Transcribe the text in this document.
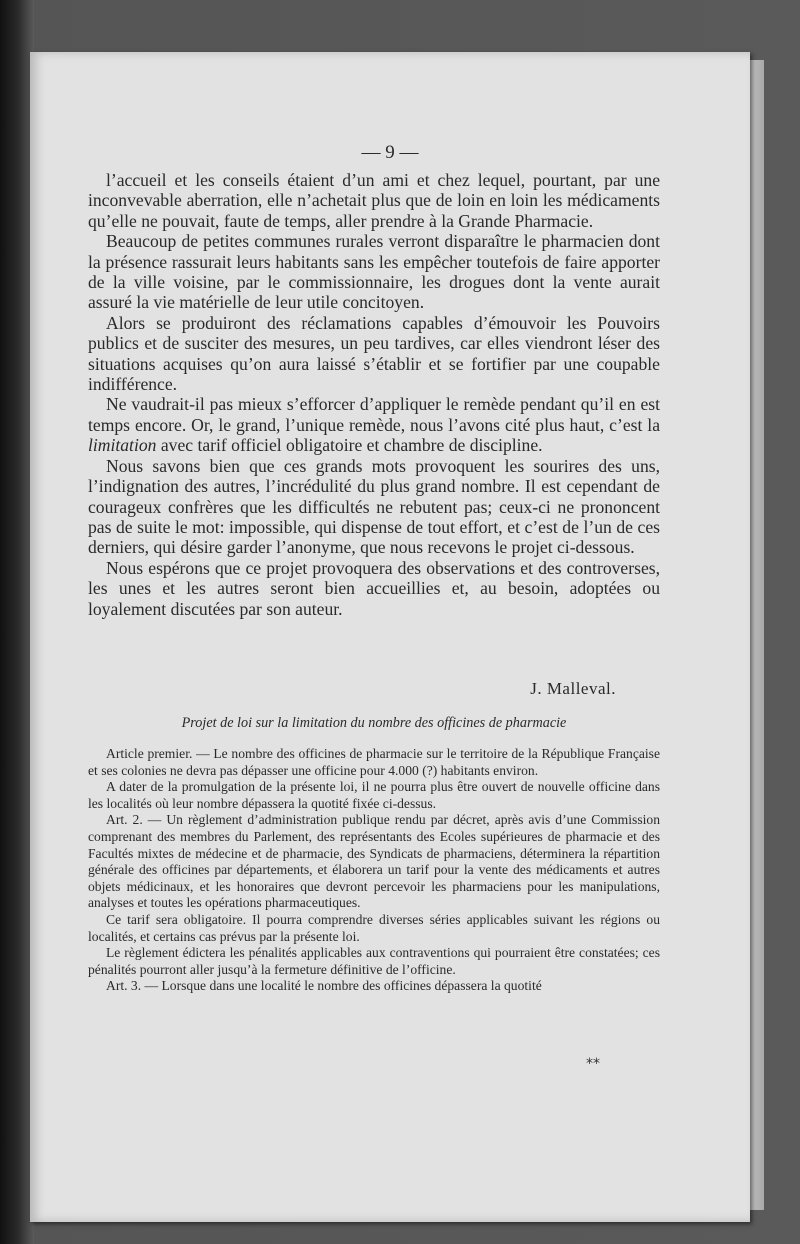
— 9 —

l’accueil et les conseils étaient d’un ami et chez lequel, pourtant, par une inconvevable aberration, elle n’achetait plus que de loin en loin les médicaments qu’elle ne pouvait, faute de temps, aller prendre à la Grande Pharmacie.

Beaucoup de petites communes rurales verront disparaître le pharmacien dont la présence rassurait leurs habitants sans les empêcher toutefois de faire apporter de la ville voisine, par le commissionnaire, les drogues dont la vente aurait assuré la vie matérielle de leur utile concitoyen.

Alors se produiront des réclamations capables d’émouvoir les Pouvoirs publics et de susciter des mesures, un peu tardives, car elles viendront léser des situations acquises qu’on aura laissé s’établir et se fortifier par une coupable indifférence.

Ne vaudrait-il pas mieux s’efforcer d’appliquer le remède pendant qu’il en est temps encore. Or, le grand, l’unique remède, nous l’avons cité plus haut, c’est la limitation avec tarif officiel obligatoire et chambre de discipline.

Nous savons bien que ces grands mots provoquent les sourires des uns, l’indignation des autres, l’incrédulité du plus grand nombre. Il est cependant de courageux confrères que les difficultés ne rebutent pas; ceux-ci ne prononcent pas de suite le mot: impossible, qui dispense de tout effort, et c’est de l’un de ces derniers, qui désire garder l’anonyme, que nous recevons le projet ci-dessous.

Nous espérons que ce projet provoquera des observations et des controverses, les unes et les autres seront bien accueillies et, au besoin, adoptées ou loyalement discutées par son auteur.

J. Malleval.
Projet de loi sur la limitation du nombre des officines de pharmacie

Article premier. — Le nombre des officines de pharmacie sur le territoire de la République Française et ses colonies ne devra pas dépasser une officine pour 4.000 (?) habitants environ.

A dater de la promulgation de la présente loi, il ne pourra plus être ouvert de nouvelle officine dans les localités où leur nombre dépassera la quotité fixée ci-dessus.

Art. 2. — Un règlement d’administration publique rendu par décret, après avis d’une Commission comprenant des membres du Parlement, des représentants des Ecoles supérieures de pharmacie et des Facultés mixtes de médecine et de pharmacie, des Syndicats de pharmaciens, déterminera la répartition générale des officines par départements, et élaborera un tarif pour la vente des médicaments et autres objets médicinaux, et les honoraires que devront percevoir les pharmaciens pour les manipulations, analyses et toutes les opérations pharmaceutiques.

Ce tarif sera obligatoire. Il pourra comprendre diverses séries applicables suivant les régions ou localités, et certains cas prévus par la présente loi.

Le règlement édictera les pénalités applicables aux contraventions qui pourraient être constatées; ces pénalités pourront aller jusqu’à la fermeture définitive de l’officine.

Art. 3. — Lorsque dans une localité le nombre des officines dépassera la quotité

**
